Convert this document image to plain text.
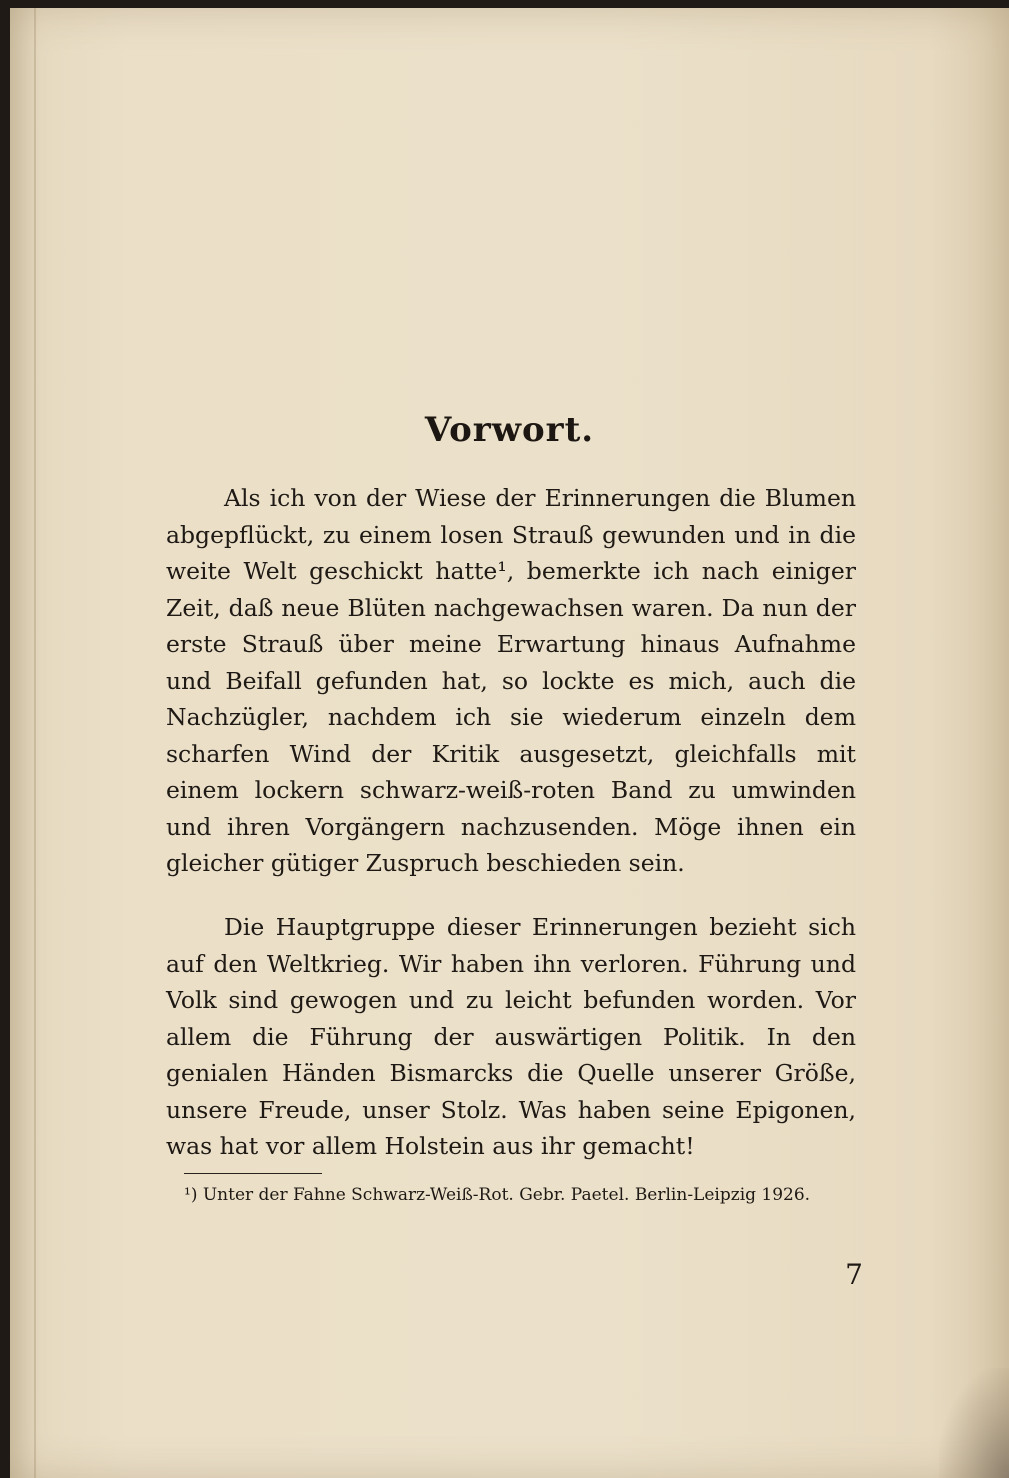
Vorwort.

Als ich von der Wiese der Erinnerungen die Blumen abgepflückt, zu einem losen Strauß gewunden und in die weite Welt geschickt hatte¹, bemerkte ich nach einiger Zeit, daß neue Blüten nachgewachsen waren. Da nun der erste Strauß über meine Erwartung hinaus Aufnahme und Beifall gefunden hat, so lockte es mich, auch die Nachzügler, nachdem ich sie wiederum einzeln dem scharfen Wind der Kritik ausgesetzt, gleichfalls mit einem lockern schwarz-weiß-roten Band zu umwinden und ihren Vorgängern nachzusenden. Möge ihnen ein gleicher gütiger Zuspruch beschieden sein.

Die Hauptgruppe dieser Erinnerungen bezieht sich auf den Weltkrieg. Wir haben ihn verloren. Führung und Volk sind gewogen und zu leicht befunden worden. Vor allem die Führung der auswärtigen Politik. In den genialen Händen Bismarcks die Quelle unserer Größe, unsere Freude, unser Stolz. Was haben seine Epigonen, was hat vor allem Holstein aus ihr gemacht!

¹) Unter der Fahne Schwarz-Weiß-Rot. Gebr. Paetel. Berlin-Leipzig 1926.
7
